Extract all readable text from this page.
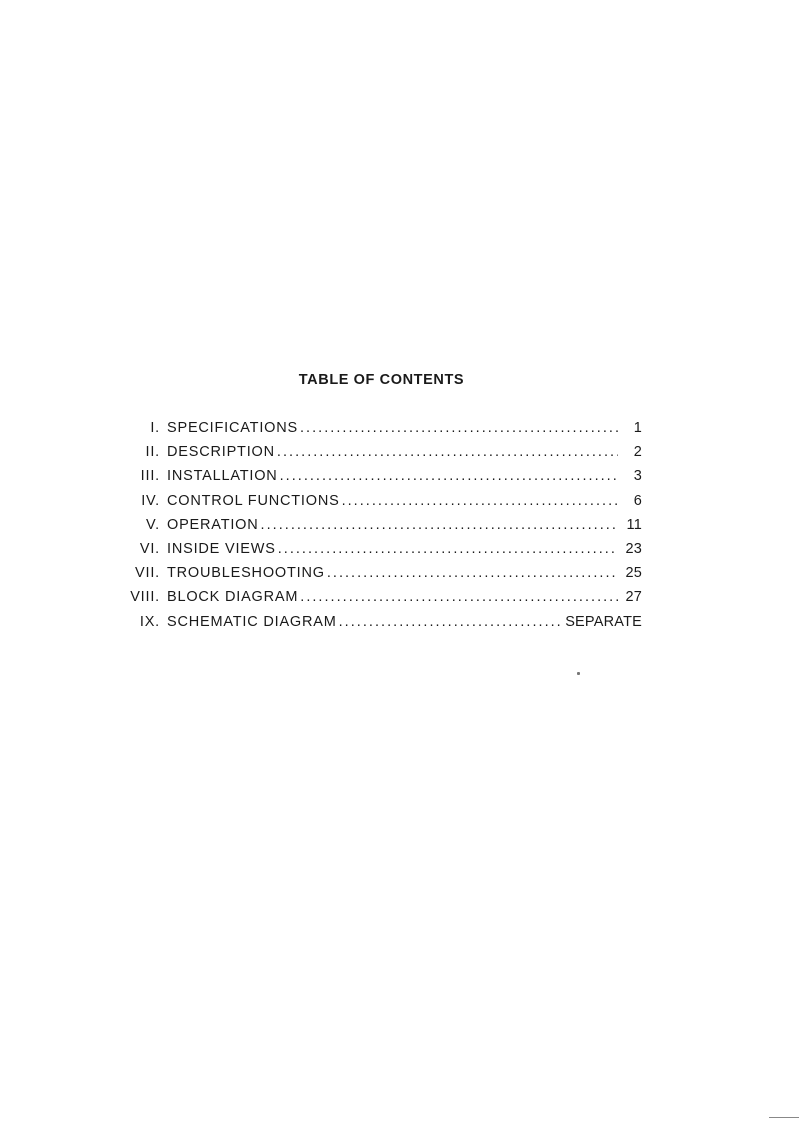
TABLE OF CONTENTS
I. SPECIFICATIONS . . .	1
II. DESCRIPTION . . .	2
III. INSTALLATION . . .	3
IV. CONTROL FUNCTIONS . . .	6
V. OPERATION . . .	11
VI. INSIDE VIEWS . . .	23
VII. TROUBLESHOOTING . . .	25
VIII. BLOCK DIAGRAM . . .	27
IX. SCHEMATIC DIAGRAM . . .	SEPARATE
